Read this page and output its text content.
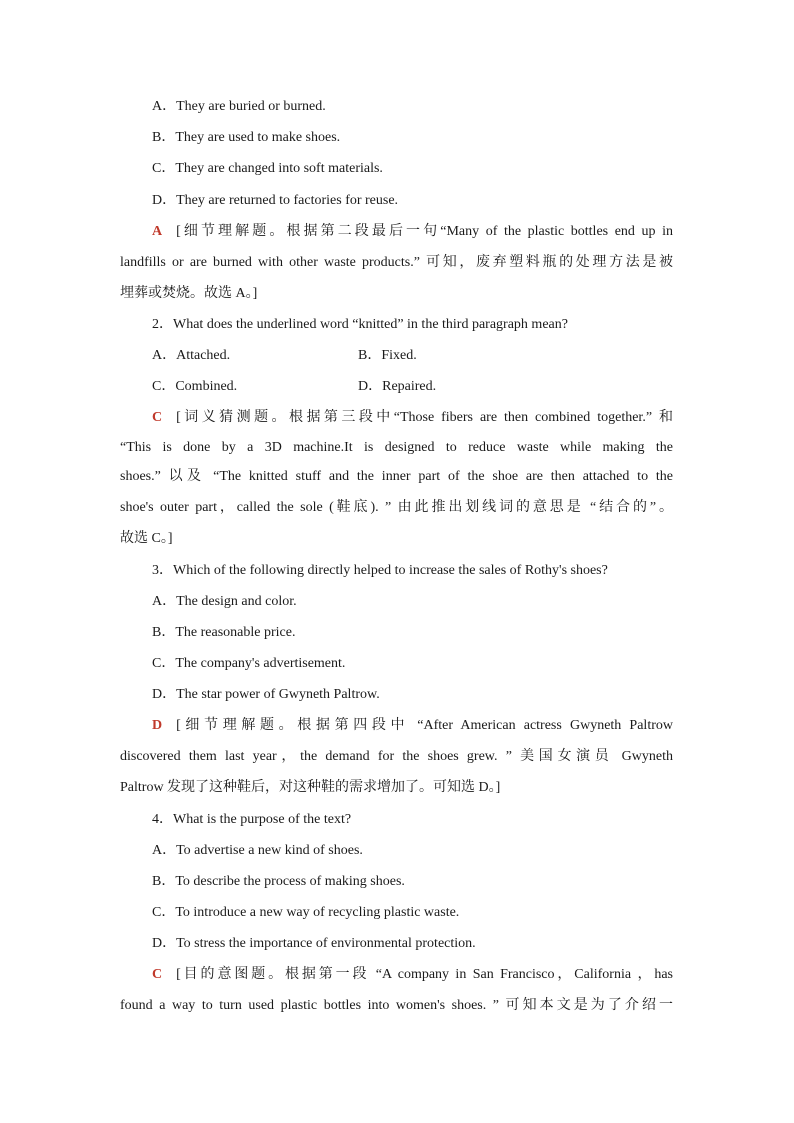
A．They are buried or burned.
B．They are used to make shoes.
C．They are changed into soft materials.
D．They are returned to factories for reuse.
A [细节理解题。根据第二段最后一句“Many of the plastic bottles end up in
landfills or are burned with other waste products.” 可知，废弃塑料瓶的处理方法是被
埋葬或焚烧。故选 A。]
2．What does the underlined word “knitted” in the third paragraph mean?
A．Attached.	B．Fixed.
C．Combined.	D．Repaired.
C [词义猜测题。根据第三段中“Those fibers are then combined together.” 和
“This is done by a 3D machine.It is designed to reduce waste while making the
shoes.” 以及 “The knitted stuff and the inner part of the shoe are then attached to the
shoe's outer part，called the sole (鞋底). ” 由此推出划线词的意思是 “结合的”。
故选 C。]
3．Which of the following directly helped to increase the sales of Rothy's shoes?
A．The design and color.
B．The reasonable price.
C．The company's advertisement.
D．The star power of Gwyneth Paltrow.
D [细节理解题。根据第四段中 “After American actress Gwyneth Paltrow
discovered them last year，the demand for the shoes grew. ” 美国女演员 Gwyneth
Paltrow 发现了这种鞋后，对这种鞋的需求增加了。可知选 D。]
4．What is the purpose of the text?
A．To advertise a new kind of shoes.
B．To describe the process of making shoes.
C．To introduce a new way of recycling plastic waste.
D．To stress the importance of environmental protection.
C [目的意图题。根据第一段 “A company in San Francisco，California ，has
found a way to turn used plastic bottles into women's shoes. ” 可知本文是为了介绍一
